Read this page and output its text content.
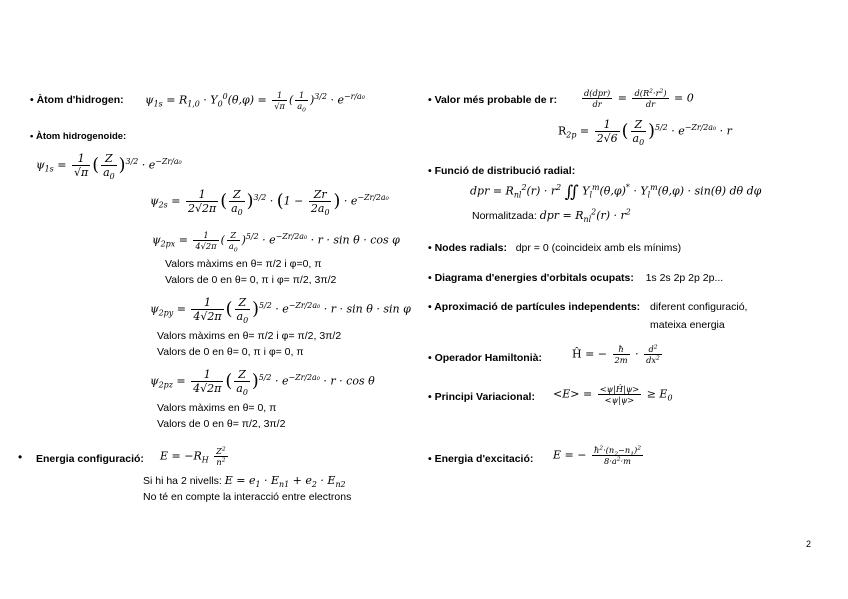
• Àtom d'hidrogen: $\psi_{1s} = R_{1,0} \cdot Y_0^0(\theta,\varphi) = \frac{1}{√\pi}$ ( $\frac{1}{a_0} )^{3/2} \cdot e^{-r/a_0}$
• Àtom hidrogenoide:
$\psi_{1s} = \frac{1}{√\pi}$ ( $\frac{Z}{a_0} )^{3/2} \cdot e^{-Zr/a_0}$
$\psi_{2s} = \frac{1}{2√2\pi}$ ( $\frac{Z}{a_0} )^{3/2} \cdot (1 - \frac{Zr}{2a_0}$ ) · $e^{-Zr/2a_0}$
$\psi_{2px} = \frac{1}{4√2\pi}$ ( $\frac{Z}{a_0} )^{5/2} \cdot e^{-Zr/2a_0} \cdot r \cdot \sin \theta \cdot \cos \varphi$
Valors màxims en θ= π/2 i φ=0, π
Valors de 0 en θ= 0, π i φ= π/2, 3π/2
$\psi_{2py} = \frac{1}{4√2\pi}$ ( $\frac{Z}{a_0} )^{5/2} \cdot e^{-Zr/2a_0} \cdot r \cdot \sin \theta \cdot \sin \varphi$
Valors màxims en θ= π/2 i φ= π/2, 3π/2
Valors de 0 en θ= 0, π i φ= 0, π
$\psi_{2pz} = \frac{1}{4√2\pi}$ ( $\frac{Z}{a_0} )^{5/2} \cdot e^{-Zr/2a_0} \cdot r \cdot \cos \theta$
Valors màxims en θ= 0, π
Valors de 0 en θ= π/2, 3π/2
• Energia configuració: $E = -R_H \frac{Z^2}{n^2}$
Si hi ha 2 nivells: $E = e_1 \cdot E_{n1} + e_2 \cdot E_{n2}$
No té en compte la interacció entre electrons
• Valor més probable de r:	$\frac{\text{d(dpr)}}{dr} = \frac{d(R^2\cdot r^2)}{dr} = 0$
$R_{2p} = \frac{1}{2√6}$ ( $\frac{Z}{a_0} )^{5/2} \cdot e^{-Zr/2a_0} \cdot r$
• Funció de distribució radial:
dpr = $R_{nl}^2(r) \cdot r^2$ ∬ $Y_l^m(\theta,\varphi)^* \cdot Y_l^m(\theta,\varphi) \cdot \sin(\theta)$ dθ dφ
Normalitzada: dpr = $R_{nl}^2(r) \cdot r^2$
• Nodes radials: dpr = 0 (coincideix amb els mínims)
• Diagrama d'energies d'orbitals ocupats: 1s 2s 2p 2p 2p...
• Aproximació de partícules independents: diferent configuració,
mateixa energia
• Operador Hamiltonià:	Ĥ = − $\frac{ħ}{2m} \cdot \frac{d^2}{dx^2}$
• Principi Variacional: $<E> = \frac{<\psi|Ĥ|\psi>}{<\psi|\psi>} \ge E_0$
• Energia d'excitació: E = − $\frac{ħ^2\cdot(n_2-n_1)^2}{8\cdot a^2\cdot m}$
2
